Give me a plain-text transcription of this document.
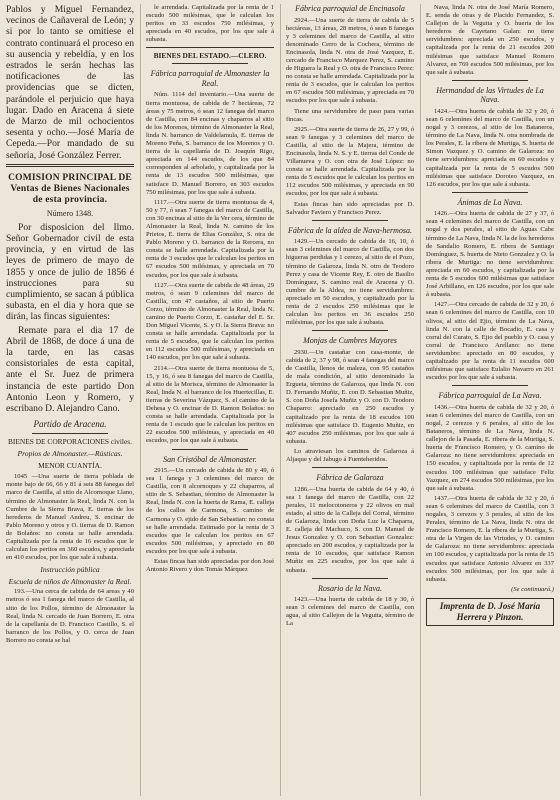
Pablos y Miguel Fernandez, vecinos de Cañaveral de León; y si por lo tanto se omitiese el contrato continuará el proceso en su ausencia y rebeldía, y en los estrados le serán hechas las notificaciones de las providencias que se dicten, parándole el perjuicio que haya lugar. Dado en Aracena á siete de Marzo de mil ochocientos sesenta y ocho.—José María de Cepeda.—Por mandado de su señoría, José González Ferrer.

COMISION PRINCIPAL DE Ventas de Bienes Nacionales de esta provincia.

Número 1348.

Por disposicion del Ilmo. Señor Gobernador civil de esta provincia, y en virtud de las leyes de primero de mayo de 1855 y once de julio de 1856 é instrucciones para su cumplimiento, se sacan á pública subasta, en el dia y hora que se dirán, las fincas siguientes:

Remate para el dia 17 de Abril de 1868, de doce á una de la tarde, en las casas consistoriales de esta capital, ante el Sr. Juez de primera instancia de este partido Don Antonio Leon y Romero, y escribano D. Alejandro Cano.

Partido de Aracena.

BIENES DE CORPORACIONES civiles.

Propios de Almonaster.—Rústicas.

MENOR CUANTÍA.

1045 —Una suerte de tierra poblada de monte bajo de 66, 66 y 81 á seis 88 fanegas del marco de Castilla, al sitio de Alcornoque Llano, término de Almonaster la Real, linda N. con la Cumbre de la Sierra Brava, E. tierras de los herederos de Manuel Andreu, S. encinar de Pablo Moreno y otros y O. tierras de D. Ramon de Bolaños: no consta se halle arrendada. Capitalizada por la renta de 16 escudos que le calculan los peritos en 360 escudos, y apreciada en 410 escudos, por los que sale á subasta.

Instrucción pública

Escuela de niños de Almonaster la Real.

193.—Una cerca de cabida de 64 areas y 40 metros ó sea 1 fanega del marco de Castilla, al sitio de los Pollos, término de Almonaster la Real, linda N. cercado de Juan Borrero, E. otra de la capellanía de D. Francisco Castillo, S. el barranco de los Pollos, y O. cerca de Juan Borrero no consta se hal

le arrendada. Capitalizada por la renta de 1 escudo 500 milésimas, que le calculan los peritos en 33 escudos 750 milésimas, y apreciada en 40 escudos, por los que sale á subasta.

BIENES DEL ESTADO.—CLERO.

Fábrica parroquial de Almonaster la Real.

Núm. 1114 del inventario.—Una suerte de tierra montuosa, de cabida de 7 hectáreas, 72 áreas y 75 metros, ó sean 12 fanegas del marco de Castilla, con 84 encinas y chaparros al sitio de los Morenos, término de Almonaster la Real, linda N. barranco de Valdelamula, E. tierras de Moreno Peña, S. barranco de los Morenos y O. tierra de la capellanía de D. Joaquín Rigo, apreciada en 144 escudos, de los que 84 corresponden al arbolado, y capitalizada por la renta de 13 escudos 500 milésimas, que satisface D. Manuel Borrero, en 303 escudos 750 milésimas, por los que sale á subasta.

1117.—Otra suerte de tierra montuosa de 4, 50 y 77, ó sean 7 fanegas del marco de Castilla, con 30 encinas al sitio de la Ver cera, término de Almonaster la Real, linda N. camino de los Prietos, E. tierra de Elias González, S. otra de Pablo Moreno y O. barranco de la Rercera, no consta se halle arrendada. Capitalizada por la renta de 3 escudos que le calculan los peritos en 67 escudos 500 milésimas, y apreciada en 70 escudos, por los que sale á subasta.

1127.—Otra suerte de cabida de 48 áreas, 29 metros, ó sean 9 celemines del marco de Castilla, con 47 castaños, al sitio de Puerto Corzo, término de Almonaster la Real, linda N. camino de Puerto Corzo, E. castañar del E. Sr. Don Miguel Vicente, S. y O. la Sierra Brava: no consta se halle arrendada. Capitalizada por la renta de 5 escudos, que le calculan los peritos en 112 escudos 500 milésimas, y apreciada en 140 escudos, por los que sale á subasta.

2114.—Otra suerte de tierra montuosa de 5, 15, y 16, ó sea 8 fanegas del marco de Castilla, al sitio de la Morisca, término de Almonaster la Real, linda N. el barranco de los Huertecillas, E. tierras de Severina Vázquez, S. el camino de la Dehesa y O. encinar de D. Ramon Bolaños: no consta se halle arrendada. Capitalizada por la renta de 1 escudo que le calculan los peritos en 22 escudos 500 milésimas, y apreciada en 40 escudos, por los que sale á subasta.

San Cristóbal de Almonaster.

2915.—Un cercado de cabida de 80 y 49, ó sea 1 fanega y 3 celemines del marco de Castilla, con 8 alcornoques y 22 chaparros, al sitio de S. Sebastian, término de Almonaster la Real, linda N. con la huerta de Rama, E. calleja de los callos de Carmona, S. camino de Carmona y O. ejido de San Sebastian: no consta se halle arrendada. Estimado por la renta de 3 escudos que le calculan los peritos en 67 escudos 500 milésimas, y apreciado en 80 escudos por los que sale á subasta.

Estas fincas han sido apreciadas por don José Antonio Rivero y don Tomás Márquez

Fábrica parroquial de Encinasola

2924.—Una suerte de tierra de cabida de 5 hectáreas, 13 áreas, 28 metros, ó sean 8 fanegas y 3 celemines del marco de Castilla, al sitio denominado Cerro de la Cochera, término de Encinasola, linda N. otra de José Vazquez, E. cercado de Francisco Marquez Perez, S. camino de Higuera la Real y O. otra de Francisco Perez: no consta se halle arrendada. Capitalizada por la renta de 3 escudos, que le calculan los peritos en 67 escudos 500 milésimas, y apreciada en 70 escudos por los que sale á subasta.

Tiene una servidumbre de paso para varias fincas.

2925.—Otra suerte de tierra de 26, 27 y 99, ó sean 9 fanegas y 3 celemines del marco de Castilla, al sitio de la Majera, término de Encinasola, linda N. S. y E. tierras del Conde de Villanueva y O. con otra de José López: no consta se halle arrendada. Capitalizada por la renta de 5 escudos que le calculan los peritos en 112 escudos 500 milésimas, y apreciada en 90 escudos, por los que sale á subasta.

Estas fincas han sido apreciadas por D. Salvador Faviero y Francisco Perez.

Fábrica de la aldea de Nava-hermosa.

1429.—Un cercado de cabida de 16, 10, ó sean 3 celemines del marco de Castilla, con dos higueras perdidas y 1 cerezo, al sitio de el Pozo, término de Galaroza, linda N. otro de Teodoro Perez y casa de Vicente Rey, E. otro de Basilio Domínguez, S. camino real de Aracena y O. cumbre de la Aldea, no tiene servidumbres: apreciado en 50 escudos, y capitalizado por la renta de 2 escudos 250 milésimas que le calculan los peritos en 36 escudos 250 milésimas, por los que sale á subasta.

Monjas de Cumbres Mayores

2930.—Un castañar con casa-monte, de cabida de 2, 37 y 98, ó sean 4 fanegas del marco de Castilla, llenos de maleza, con 95 castaños de mala condición, al sitio denominado la Ergueta, término de Galaroza, que linda N. con D. Fernando Muñiz, E. con D. Sebastian Muñiz, S. con Doña Josefa Muñiz y O. con D. Teodoro Chaparro: apreciado en 250 escudos y capitalizado por la renta de 18 escudos 100 milésimas que satisface D. Eugenio Muñiz, en 407 escudos 250 milésimas, por los que sale á subasta.

Lo atraviesan los caminos de Galaroza á Aljaque y del Jabugo á Fuenteheridos.

Fábrica de Galaroza

1286.—Una huerta de cabida de 64 y 40, ó sea 1 fanega del marco de Castilla, con 22 perales, 11 melocotoneros y 22 olivos en mal estado, al sitio de la Calleja del Corral, término de Galaroza, linda con Doña Luz la Chaparra, E. calleja del Machuco, S. con D. Manuel de Jesus Gonzalez y O. con Sebastian Gonzalez: apreciado en 200 escudos, y capitalizada por la renta de 10 escudos, que satisface Ramon Muñiz en 225 escudos, por los que sale á subasta.

Rosario de la Nava.

1423.—Una huerta de cabida de 18 y 30, ó sean 3 celemines del marco de Castilla, con agua, al sitio Callejon de la Veguita, término de La

Nava, linda N. otra de José María Romero, E. senda de otras y de Placido Fernandez, S. Callejon de la Veguita y O. huerta de los herederos de Cayetano Galan: no tiene servidumbres: apreciada en 250 escudos, y capitalizada por la renta de 21 escudos 200 milésimas que satisface Manuel Romero Alvarez, en 769 escudos 500 milésimas, por los que sale á subasta.

Hermandad de las Virtudes de La Nava.

1424.—Otra huerta de cabida de 32 y 20, ó sean 6 celemines del marco de Castilla, con un nogal y 3 cerezos, al sitio de los Bataneros, término de La Nava, linda N. otra nombrada de los Perales, E. la ribera de Murtiga, S. huerta de Simon Vazquez y O. camino de Galaroza: no tiene servidumbres: apreciada en 60 escudos y capitalizada por la renta de 5 escudos 500 milésimas que satisface Doroteo Vazquez, en 126 escudos, por los que sale á subasta.

Ánimas de La Nava.

1426.—Otra huerta de cabida de 27 y 37, ó sean 4 celemines del marco de Castilla, con un nogal y dos perales, al sitio de Aguas Cabe término de La Nava, linda N. la de los herederos de Sandalio Romero, E. ribera de Santiago Domínguez, S. huerta de Nieto Gonzalez y O. la ribera de Murtiga: no tiene servidumbres: apreciada en 60 escudos, y capitalizada por la renta de 5 escudos 600 milésimas que satisface José Arbillano, en 126 escudos, por los que sale á subasta.

1427.—Otra cercado de cabida de 32 y 20, ó sean 6 celemines del marco de Castilla, con 10 olivos, al sitio del Ejio, término de La Nava, linda N. con la calle de Bocadio, E. casa y corral del Curato, S. Ejio del pueblo y O. casa y corral de Francisco Arellano: no tiene servidumbre: apreciado en 80 escudos, y capitalizado por la renta de 11 escudos 600 milésimas que satisface Eulalio Navarro en 261 escudos por los que sale á subasta.

Fábrica parroquial de La Nava.

1436.—Otra huerta de cabida de 32 y 20, ó sean 6 celemines del marco de Castilla, con un nogal, 2 cerezos y 6 perales, al sitio de los Bataneros, término de La Nava, linda N. callejon de la Pasada, E. ribera de la Murtiga, S. huerta de Francisco Romero, y O. camino de Galaroza: no tiene servidumbres: apreciada en 150 escudos, y capitalizada por la renta de 12 escudos 100 milésimas que satisface Feliz Vazquez, en 274 escudos 500 milésimas, por los que sale á subasta.

1437.—Otra huerta de cabida de 32 y 20, ó sean 6 celemines del marco de Castilla, con 3 nogales, 3 cerezos y 3 perales, al sitio de los Perales, término de La Nava, linda N. otra de Francisco Romero, E. la ribera de la Murtiga, S. otra de la Virgen de las Virtudes, y O. camino de Galaroza: no tiene servidumbres: apreciada en 100 escudos, y capitalizada por la renta de 15 escudos que satisface Antonio Alvarez en 337 escudos 500 milésimas, por los que sale á subasta.

(Se continuará.)

Imprenta de D. José María Herrera y Pinzon.
